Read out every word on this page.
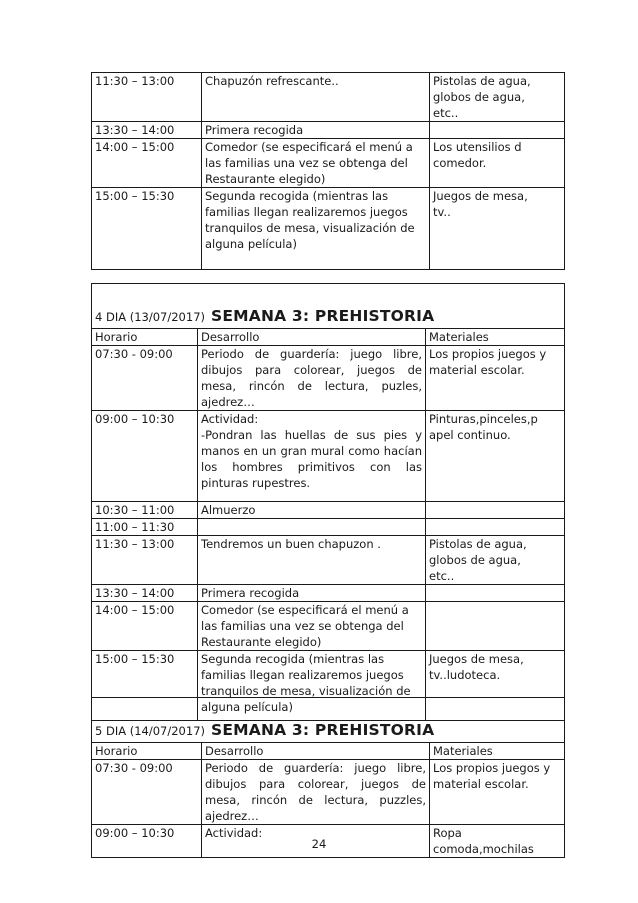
11:30 – 13:00	Chapuzón refrescante..	Pistolas de agua,
globos de agua,
etc..
13:30 – 14:00	Primera recogida	
14:00 – 15:00	Comedor (se especificará el menú a
las familias una vez se obtenga del
Restaurante elegido)	Los utensilios d
comedor.
15:00 – 15:30	Segunda recogida (mientras las
familias llegan realizaremos juegos
tranquilos de mesa, visualización de
alguna película)	Juegos de mesa,
tv..

4 DIA (13/07/2017) SEMANA 3: PREHISTORIA		

Horario	Desarrollo	Materiales
07:30 - 09:00	Periodo de guardería: juego libre, dibujos para colorear, juegos de mesa, rincón de lectura, puzles, ajedrez…	Los propios juegos y material escolar.
09:00 – 10:30	Actividad:
-Pondran las huellas de sus pies y manos en un gran mural como hacían los hombres primitivos con las pinturas rupestres.	Pinturas,pinceles,p
apel continuo.
10:30 – 11:00	Almuerzo	
11:00 – 11:30		
11:30 – 13:00	Tendremos un buen chapuzon .	Pistolas de agua,
globos de agua,
etc..
13:30 – 14:00	Primera recogida	
14:00 – 15:00	Comedor (se especificará el menú a
las familias una vez se obtenga del
Restaurante elegido)	
15:00 – 15:30	Segunda recogida (mientras las
familias llegan realizaremos juegos
tranquilos de mesa, visualización de
alguna película)	Juegos de mesa,
tv..ludoteca.

5 DIA (14/07/2017) SEMANA 3: PREHISTORIA		

Horario	Desarrollo	Materiales
07:30 - 09:00	Periodo de guardería: juego libre, dibujos para colorear, juegos de mesa, rincón de lectura, puzzles, ajedrez…	Los propios juegos y material escolar.
09:00 – 10:30	Actividad:	Ropa
comoda,mochilas
24
